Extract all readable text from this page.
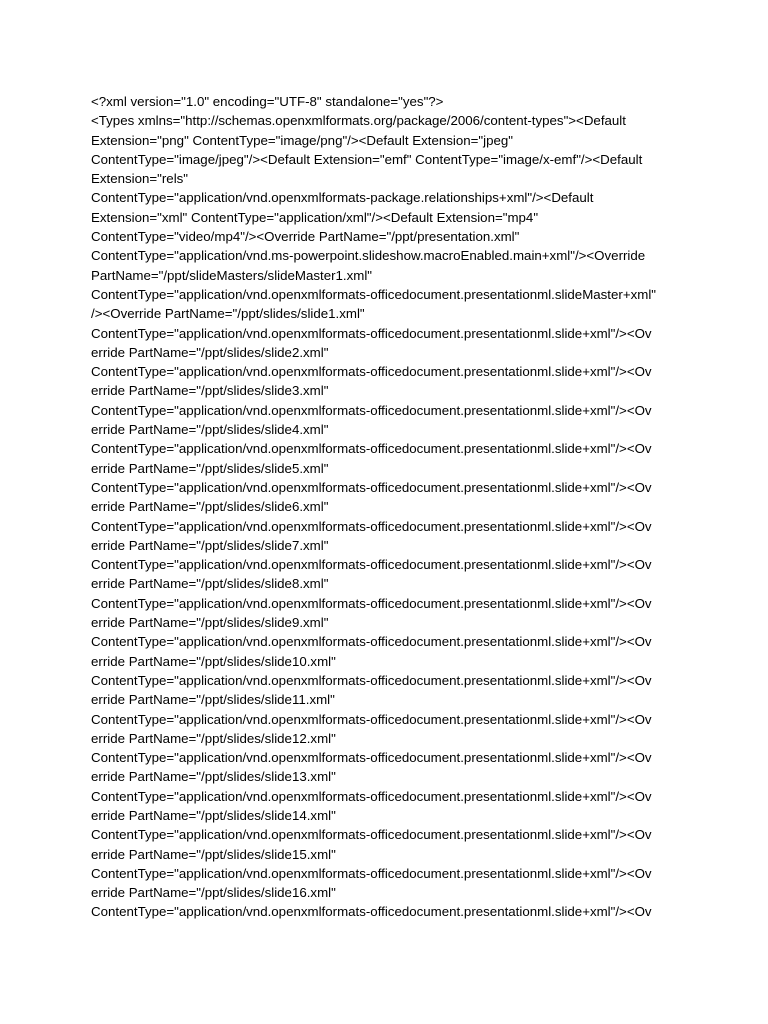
<?xml version="1.0" encoding="UTF-8" standalone="yes"?>
<Types xmlns="http://schemas.openxmlformats.org/package/2006/content-types"><Default
Extension="png" ContentType="image/png"/><Default Extension="jpeg"
ContentType="image/jpeg"/><Default Extension="emf" ContentType="image/x-emf"/><Default
Extension="rels"
ContentType="application/vnd.openxmlformats-package.relationships+xml"/><Default
Extension="xml" ContentType="application/xml"/><Default Extension="mp4"
ContentType="video/mp4"/><Override PartName="/ppt/presentation.xml"
ContentType="application/vnd.ms-powerpoint.slideshow.macroEnabled.main+xml"/><Override
PartName="/ppt/slideMasters/slideMaster1.xml"
ContentType="application/vnd.openxmlformats-officedocument.presentationml.slideMaster+xml"
/><Override PartName="/ppt/slides/slide1.xml"
ContentType="application/vnd.openxmlformats-officedocument.presentationml.slide+xml"/><Ov
erride PartName="/ppt/slides/slide2.xml"
ContentType="application/vnd.openxmlformats-officedocument.presentationml.slide+xml"/><Ov
erride PartName="/ppt/slides/slide3.xml"
ContentType="application/vnd.openxmlformats-officedocument.presentationml.slide+xml"/><Ov
erride PartName="/ppt/slides/slide4.xml"
ContentType="application/vnd.openxmlformats-officedocument.presentationml.slide+xml"/><Ov
erride PartName="/ppt/slides/slide5.xml"
ContentType="application/vnd.openxmlformats-officedocument.presentationml.slide+xml"/><Ov
erride PartName="/ppt/slides/slide6.xml"
ContentType="application/vnd.openxmlformats-officedocument.presentationml.slide+xml"/><Ov
erride PartName="/ppt/slides/slide7.xml"
ContentType="application/vnd.openxmlformats-officedocument.presentationml.slide+xml"/><Ov
erride PartName="/ppt/slides/slide8.xml"
ContentType="application/vnd.openxmlformats-officedocument.presentationml.slide+xml"/><Ov
erride PartName="/ppt/slides/slide9.xml"
ContentType="application/vnd.openxmlformats-officedocument.presentationml.slide+xml"/><Ov
erride PartName="/ppt/slides/slide10.xml"
ContentType="application/vnd.openxmlformats-officedocument.presentationml.slide+xml"/><Ov
erride PartName="/ppt/slides/slide11.xml"
ContentType="application/vnd.openxmlformats-officedocument.presentationml.slide+xml"/><Ov
erride PartName="/ppt/slides/slide12.xml"
ContentType="application/vnd.openxmlformats-officedocument.presentationml.slide+xml"/><Ov
erride PartName="/ppt/slides/slide13.xml"
ContentType="application/vnd.openxmlformats-officedocument.presentationml.slide+xml"/><Ov
erride PartName="/ppt/slides/slide14.xml"
ContentType="application/vnd.openxmlformats-officedocument.presentationml.slide+xml"/><Ov
erride PartName="/ppt/slides/slide15.xml"
ContentType="application/vnd.openxmlformats-officedocument.presentationml.slide+xml"/><Ov
erride PartName="/ppt/slides/slide16.xml"
ContentType="application/vnd.openxmlformats-officedocument.presentationml.slide+xml"/><Ov
